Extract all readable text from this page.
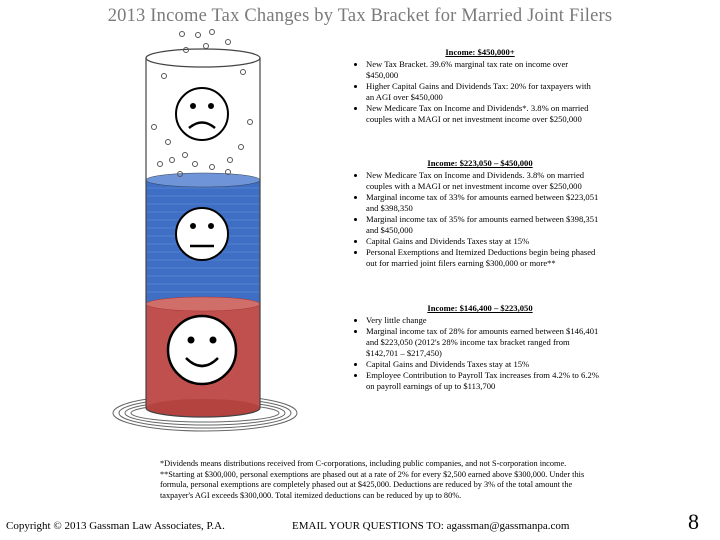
2013 Income Tax Changes by Tax Bracket for Married Joint Filers
Income: $450,000+
• New Tax Bracket. 39.6% marginal tax rate on income over $450,000
• Higher Capital Gains and Dividends Tax: 20% for taxpayers with an AGI over $450,000
• New Medicare Tax on Income and Dividends*. 3.8% on married couples with a MAGI or net investment income over $250,000
Income: $223,050 – $450,000
• New Medicare Tax on Income and Dividends. 3.8% on married couples with a MAGI or net investment income over $250,000
• Marginal income tax of 33% for amounts earned between $223,051 and $398,350
• Marginal income tax of 35% for amounts earned between $398,351 and $450,000
• Capital Gains and Dividends Taxes stay at 15%
• Personal Exemptions and Itemized Deductions begin being phased out for married joint filers earning $300,000 or more**
Income: $146,400 – $223,050
• Very little change
• Marginal income tax of 28% for amounts earned between $146,401 and $223,050 (2012's 28% income tax bracket ranged from $142,701 – $217,450)
• Capital Gains and Dividends Taxes stay at 15%
• Employee Contribution to Payroll Tax increases from 4.2% to 6.2% on payroll earnings of up to $113,700
*Dividends means distributions received from C-corporations, including public companies, and not S-corporation income.
**Starting at $300,000, personal exemptions are phased out at a rate of 2% for every $2,500 earned above $300,000. Under this formula, personal exemptions are completely phased out at $425,000. Deductions are reduced by 3% of the total amount the taxpayer's AGI exceeds $300,000. Total itemized deductions can be reduced by up to 80%.
Copyright © 2013 Gassman Law Associates, P.A.	EMAIL YOUR QUESTIONS TO: agassman@gassmanpa.com	8
